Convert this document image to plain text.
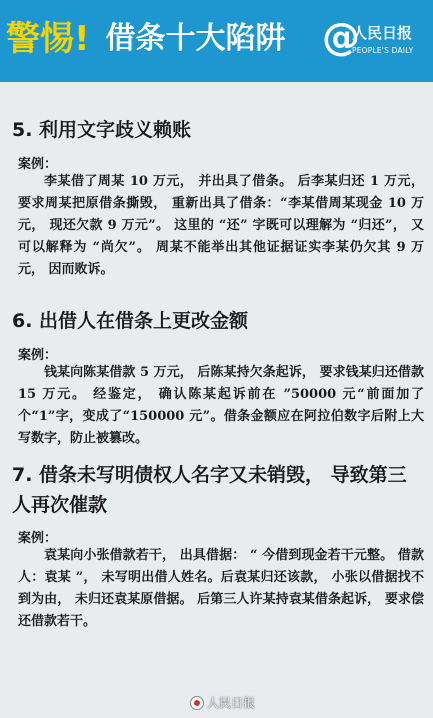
警惕! 借条十大陷阱 @
人民日报
PEOPLE'S DAILY
5. 利用文字歧义赖账
案例：
李某借了周某 10 万元， 并出具了借条。 后李某归还 1 万元， 要求周某把原借条撕毁， 重新出具了借条：“李某借周某现金 10 万元， 现还欠款 9 万元”。 这里的 “还” 字既可以理解为 “归还”， 又可以解释为 “尚欠”。 周某不能举出其他证据证实李某仍欠其 9 万元， 因而败诉。
6. 出借人在借条上更改金额
案例：
钱某向陈某借款 5 万元， 后陈某持欠条起诉， 要求钱某归还借款 15 万元。 经鉴定， 确认陈某起诉前在 ”50000 元“前面加了个“1”字，变成了“150000 元”。借条金额应在阿拉伯数字后附上大写数字，防止被篡改。
7. 借条未写明债权人名字又未销毁， 导致第三人再次催款
案例：
袁某向小张借款若干， 出具借据： “ 今借到现金若干元整。 借款人：袁某 ”， 未写明出借人姓名。后袁某归还该款， 小张以借据找不到为由， 未归还袁某原借据。 后第三人许某持袁某借条起诉， 要求偿还借款若干。
人民日报
